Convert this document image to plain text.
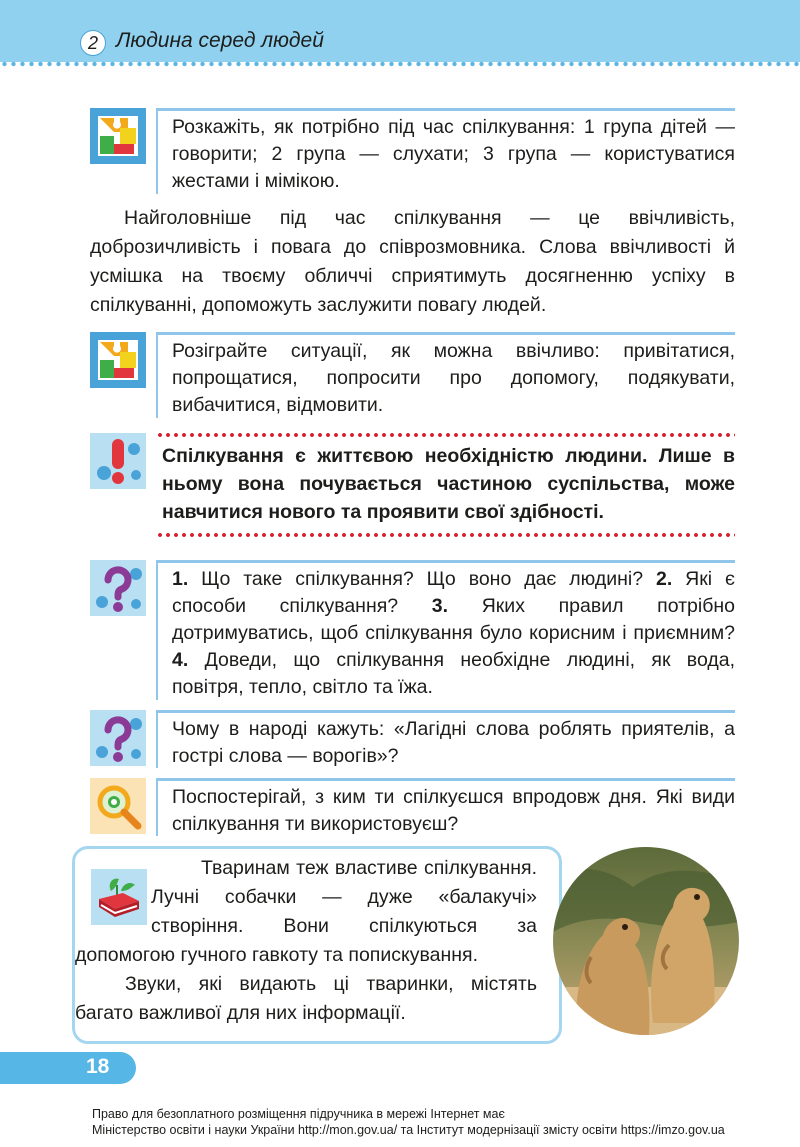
2 Людина серед людей
Розкажіть, як потрібно під час спілкування: 1 група дітей — говорити; 2 група — слухати; 3 група — користуватися жестами і мімікою.
Найголовніше під час спілкування — це ввічливість, доброзичливість і повага до співрозмовника. Слова ввічливості й усмішка на твоєму обличчі сприятимуть досягненню успіху в спілкуванні, допоможуть заслужити повагу людей.
Розіграйте ситуації, як можна ввічливо: привітатися, попрощатися, попросити про допомогу, подякувати, вибачитися, відмовити.
Спілкування є життєвою необхідністю людини. Лише в ньому вона почувається частиною суспільства, може навчитися нового та проявити свої здібності.
1. Що таке спілкування? Що воно дає людині? 2. Які є способи спілкування? 3. Яких правил потрібно дотримуватись, щоб спілкування було корисним і приємним? 4. Доведи, що спілкування необхідне людині, як вода, повітря, тепло, світло та їжа.
Чому в народі кажуть: «Лагідні слова роблять приятелів, а гострі слова — ворогів»?
Поспостерігай, з ким ти спілкуєшся впродовж дня. Які види спілкування ти використовуєш?
Тваринам теж властиве спілкування. Лучні собачки — дуже «балакучі» створіння. Вони спілкуються за допомогою гучного гавкоту та попискування.
Звуки, які видають ці тваринки, містять багато важливої для них інформації.
18
Право для безоплатного розміщення підручника в мережі Інтернет має
Міністерство освіти і науки України http://mon.gov.ua/ та Інститут модернізації змісту освіти https://imzo.gov.ua
